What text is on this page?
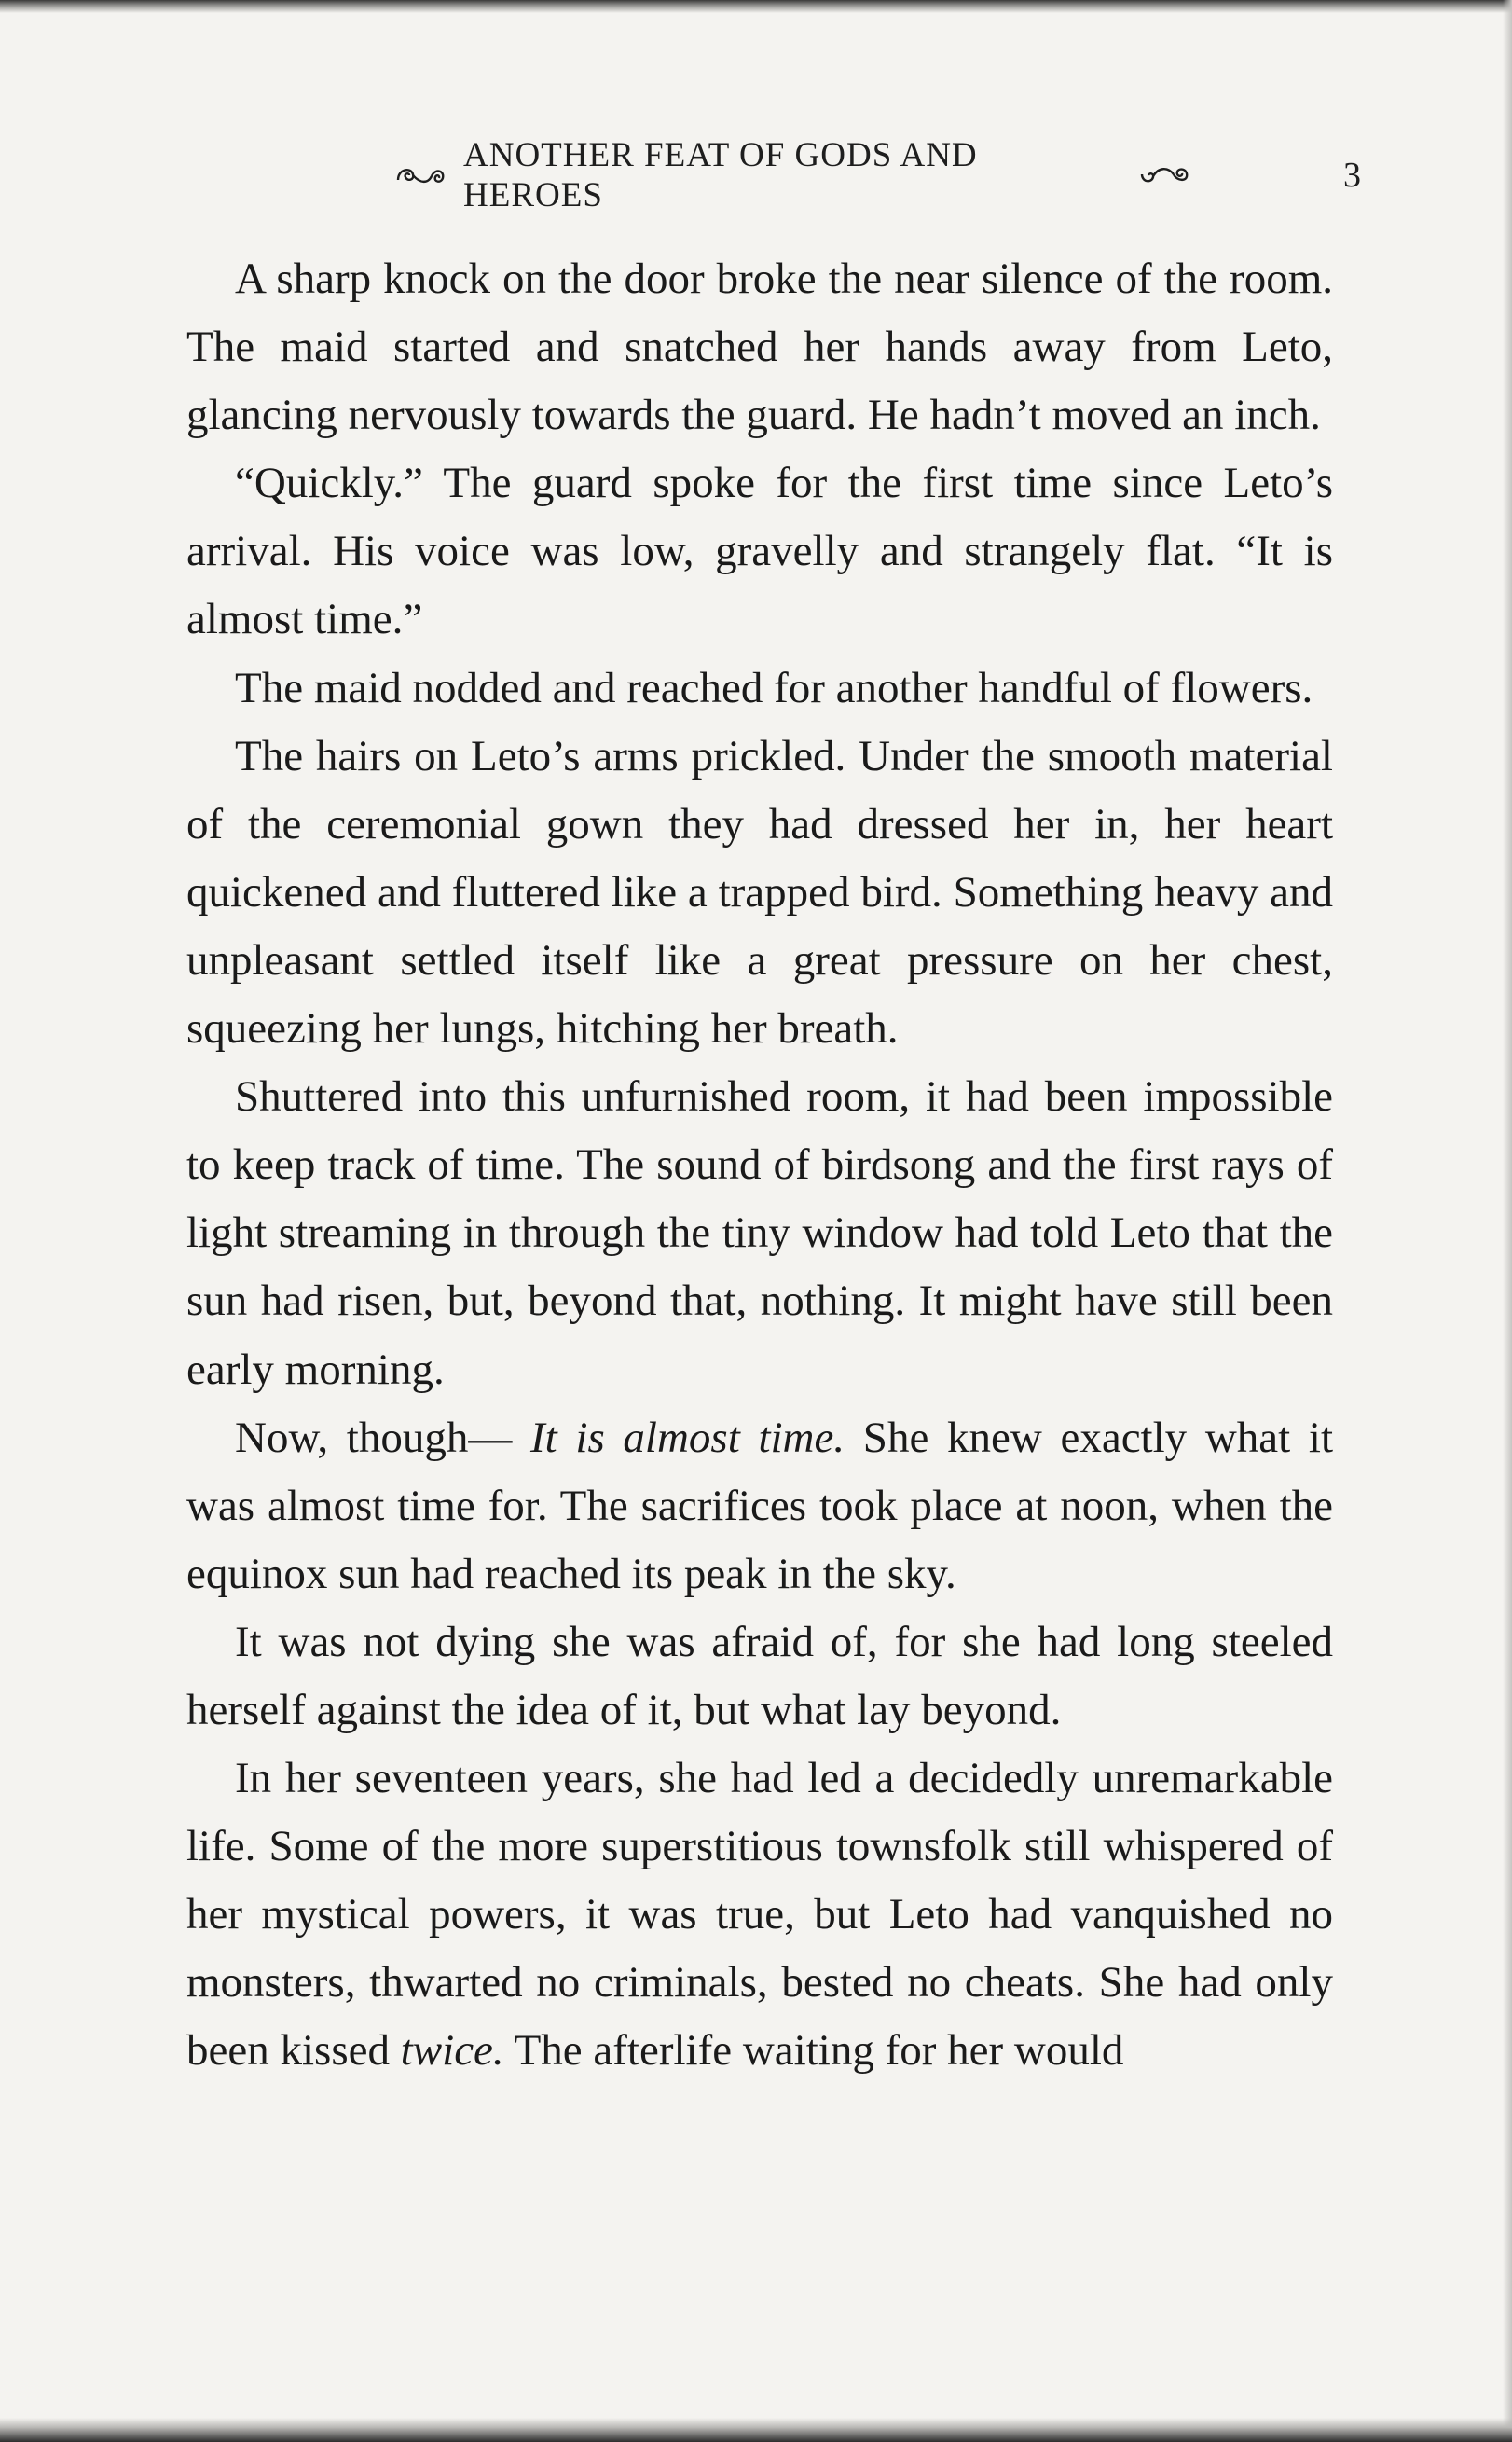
ANOTHER FEAT OF GODS AND HEROES
3

A sharp knock on the door broke the near silence of the room. The maid started and snatched her hands away from Leto, glancing nervously towards the guard. He hadn’t moved an inch.

“Quickly.” The guard spoke for the first time since Leto’s arrival. His voice was low, gravelly and strangely flat. “It is almost time.”

The maid nodded and reached for another handful of flowers.

The hairs on Leto’s arms prickled. Under the smooth material of the ceremonial gown they had dressed her in, her heart quickened and fluttered like a trapped bird. Something heavy and unpleasant settled itself like a great pressure on her chest, squeezing her lungs, hitching her breath.

Shuttered into this unfurnished room, it had been impossible to keep track of time. The sound of birdsong and the first rays of light streaming in through the tiny window had told Leto that the sun had risen, but, beyond that, nothing. It might have still been early morning.

Now, though— It is almost time. She knew exactly what it was almost time for. The sacrifices took place at noon, when the equinox sun had reached its peak in the sky.

It was not dying she was afraid of, for she had long steeled herself against the idea of it, but what lay beyond.

In her seventeen years, she had led a decidedly unremarkable life. Some of the more superstitious townsfolk still whispered of her mystical powers, it was true, but Leto had vanquished no monsters, thwarted no criminals, bested no cheats. She had only been kissed twice. The afterlife waiting for her would
